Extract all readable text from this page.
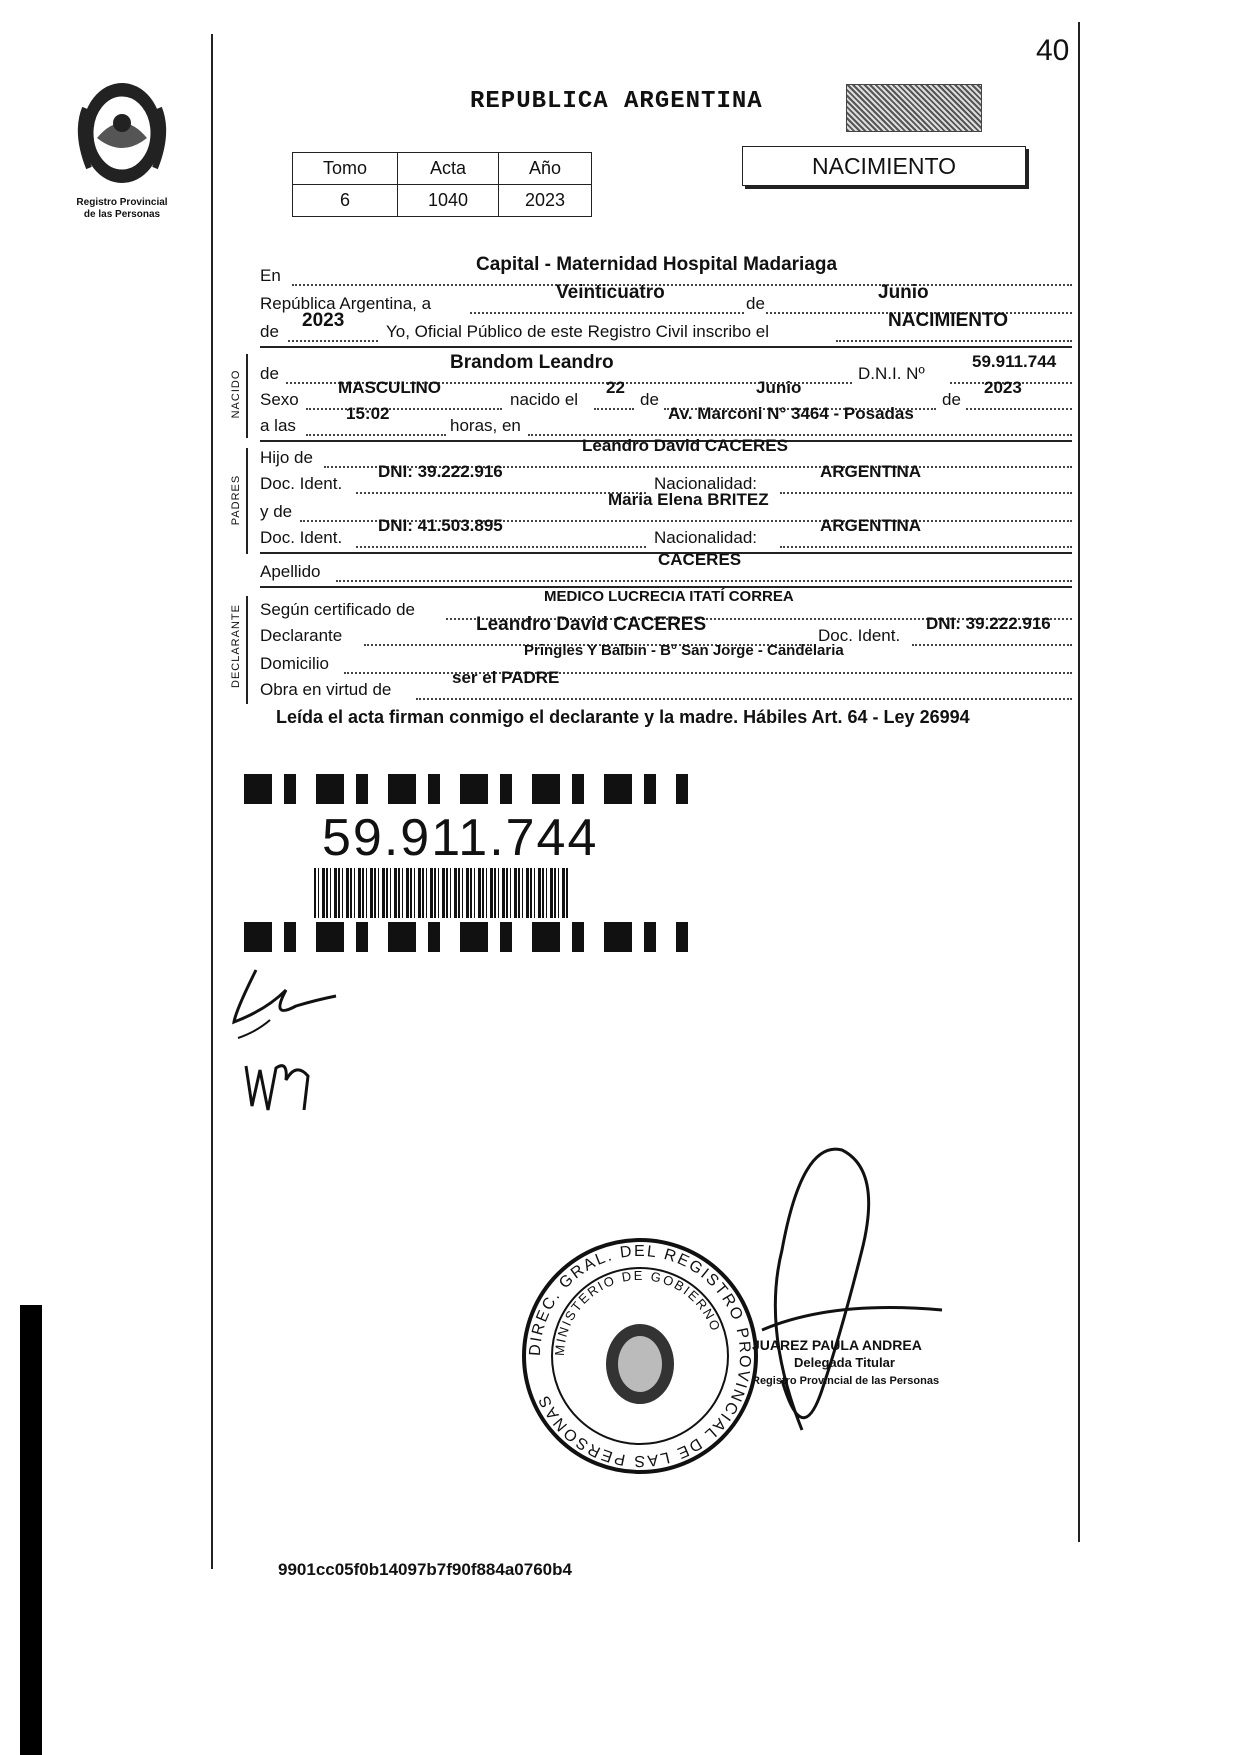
40
Registro Provincial
de las Personas
REPUBLICA ARGENTINA
Tomo	Acta	Año
6	1040	2023
NACIMIENTO
En
Capital - Maternidad Hospital Madariaga
República Argentina, a
Veinticuatro
de
Junio
de
2023
Yo, Oficial Público de este Registro Civil inscribo el
NACIMIENTO
NACIDO de
Brandom Leandro
D.N.I. Nº
59.911.744
Sexo
MASCULINO
nacido el
22
de
Junio
de
2023
a las
15:02
horas, en
Av. Marconi N° 3464 - Posadas
PADRES
Hijo de
Leandro David CACERES
Doc. Ident.
DNI: 39.222.916
Nacionalidad:
ARGENTINA
y de
Maria Elena BRITEZ
Doc. Ident.
DNI: 41.503.895
Nacionalidad:
ARGENTINA
Apellido
CACERES
DECLARANTE Según certificado de
MEDICO LUCRECIA ITATÍ CORREA
Declarante
Leandro David CACERES
Doc. Ident.
DNI: 39.222.916
Domicilio
Pringles Y Balbin - B° San Jorge - Candelaria
Obra en virtud de
ser el PADRE
Leída el acta firman conmigo el declarante y la madre. Hábiles Art. 64 - Ley 26994
59.911.744
DIREC. GRAL. DEL REGISTRO PROVINCIAL DE LAS PERSONAS
MINISTERIO DE GOBIERNO
JUAREZ PAULA ANDREA
Delegada Titular
Registro Provincial de las Personas
9901cc05f0b14097b7f90f884a0760b4
